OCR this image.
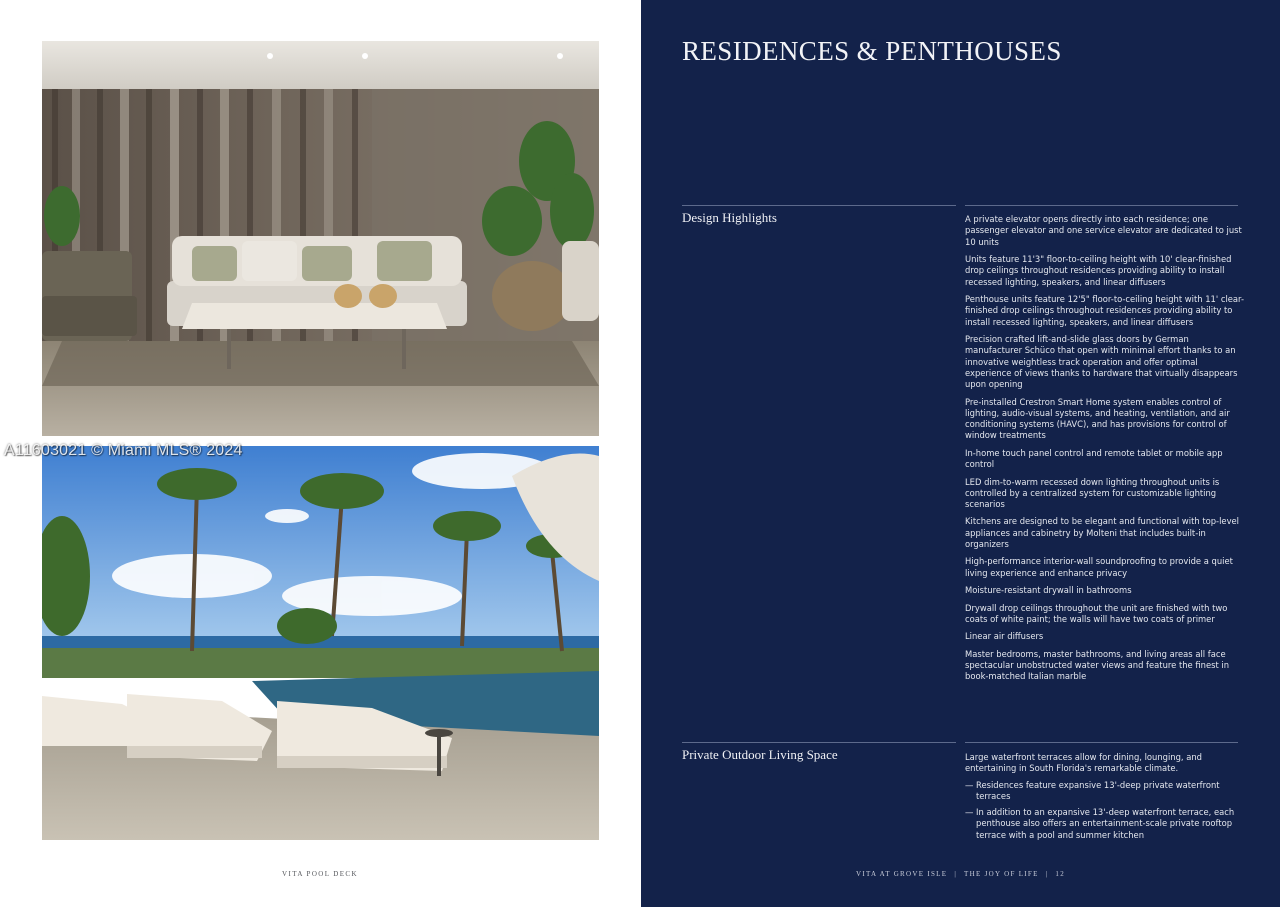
VITA POOL DECK
A11603021 © Miami MLS® 2024
RESIDENCES & PENTHOUSES
Design Highlights	A private elevator opens directly into each residence; one passenger elevator and one service elevator are dedicated to just 10 units
Units feature 11'3" floor-to-ceiling height with 10' clear-finished drop ceilings throughout residences providing ability to install recessed lighting, speakers, and linear diffusers
Penthouse units feature 12'5" floor-to-ceiling height with 11' clear-finished drop ceilings throughout residences providing ability to install recessed lighting, speakers, and linear diffusers
Precision crafted lift-and-slide glass doors by German manufacturer Schüco that open with minimal effort thanks to an innovative weightless track operation and offer optimal experience of views thanks to hardware that virtually disappears upon opening
Pre-installed Crestron Smart Home system enables control of lighting, audio-visual systems, and heating, ventilation, and air conditioning systems (HAVC), and has provisions for control of window treatments
In-home touch panel control and remote tablet or mobile app control
LED dim-to-warm recessed down lighting throughout units is controlled by a centralized system for customizable lighting scenarios
Kitchens are designed to be elegant and functional with top-level appliances and cabinetry by Molteni that includes built-in organizers
High-performance interior-wall soundproofing to provide a quiet living experience and enhance privacy
Moisture-resistant drywall in bathrooms
Drywall drop ceilings throughout the unit are finished with two coats of white paint; the walls will have two coats of primer
Linear air diffusers
Master bedrooms, master bathrooms, and living areas all face spectacular unobstructed water views and feature the finest in book-matched Italian marble
Private Outdoor Living Space	Large waterfront terraces allow for dining, lounging, and entertaining in South Florida's remarkable climate.

— Residences feature expansive 13'-deep private waterfront terraces
— In addition to an expansive 13'-deep waterfront terrace, each penthouse also offers an entertainment-scale private rooftop terrace with a pool and summer kitchen
VITA AT GROVE ISLE | THE JOY OF LIFE | 12
